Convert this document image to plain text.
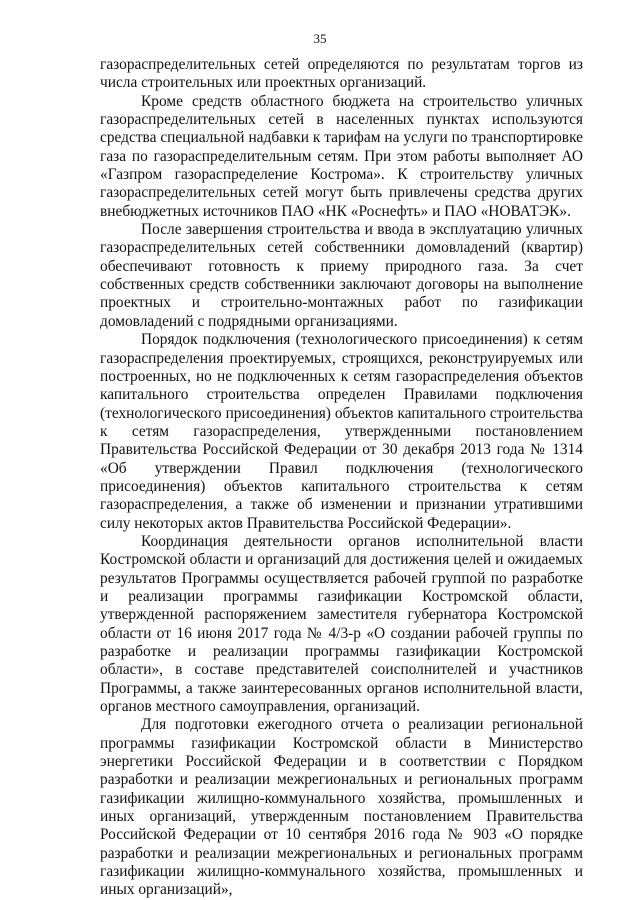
35

газораспределительных сетей определяются по результатам торгов из числа строительных или проектных организаций.

Кроме средств областного бюджета на строительство уличных газораспределительных сетей в населенных пунктах используются средства специальной надбавки к тарифам на услуги по транспортировке газа по газораспределительным сетям. При этом работы выполняет АО «Газпром газораспределение Кострома». К строительству уличных газораспределительных сетей могут быть привлечены средства других внебюджетных источников ПАО «НК «Роснефть» и ПАО «НОВАТЭК».

После завершения строительства и ввода в эксплуатацию уличных газораспределительных сетей собственники домовладений (квартир) обеспечивают готовность к приему природного газа. За счет собственных средств собственники заключают договоры на выполнение проектных и строительно-монтажных работ по газификации домовладений с подрядными организациями.

Порядок подключения (технологического присоединения) к сетям газораспределения проектируемых, строящихся, реконструируемых или построенных, но не подключенных к сетям газораспределения объектов капитального строительства определен Правилами подключения (технологического присоединения) объектов капитального строительства к сетям газораспределения, утвержденными постановлением Правительства Российской Федерации от 30 декабря 2013 года № 1314 «Об утверждении Правил подключения (технологического присоединения) объектов капитального строительства к сетям газораспределения, а также об изменении и признании утратившими силу некоторых актов Правительства Российской Федерации».

Координация деятельности органов исполнительной власти Костромской области и организаций для достижения целей и ожидаемых результатов Программы осуществляется рабочей группой по разработке и реализации программы газификации Костромской области, утвержденной распоряжением заместителя губернатора Костромской области от 16 июня 2017 года № 4/3-р «О создании рабочей группы по разработке и реализации программы газификации Костромской области», в составе представителей соисполнителей и участников Программы, а также заинтересованных органов исполнительной власти, органов местного самоуправления, организаций.

Для подготовки ежегодного отчета о реализации региональной программы газификации Костромской области в Министерство энергетики Российской Федерации и в соответствии с Порядком разработки и реализации межрегиональных и региональных программ газификации жилищно-коммунального хозяйства, промышленных и иных организаций, утвержденным постановлением Правительства Российской Федерации от 10 сентября 2016 года № 903 «О порядке разработки и реализации межрегиональных и региональных программ газификации жилищно-коммунального хозяйства, промышленных и иных организаций»,
